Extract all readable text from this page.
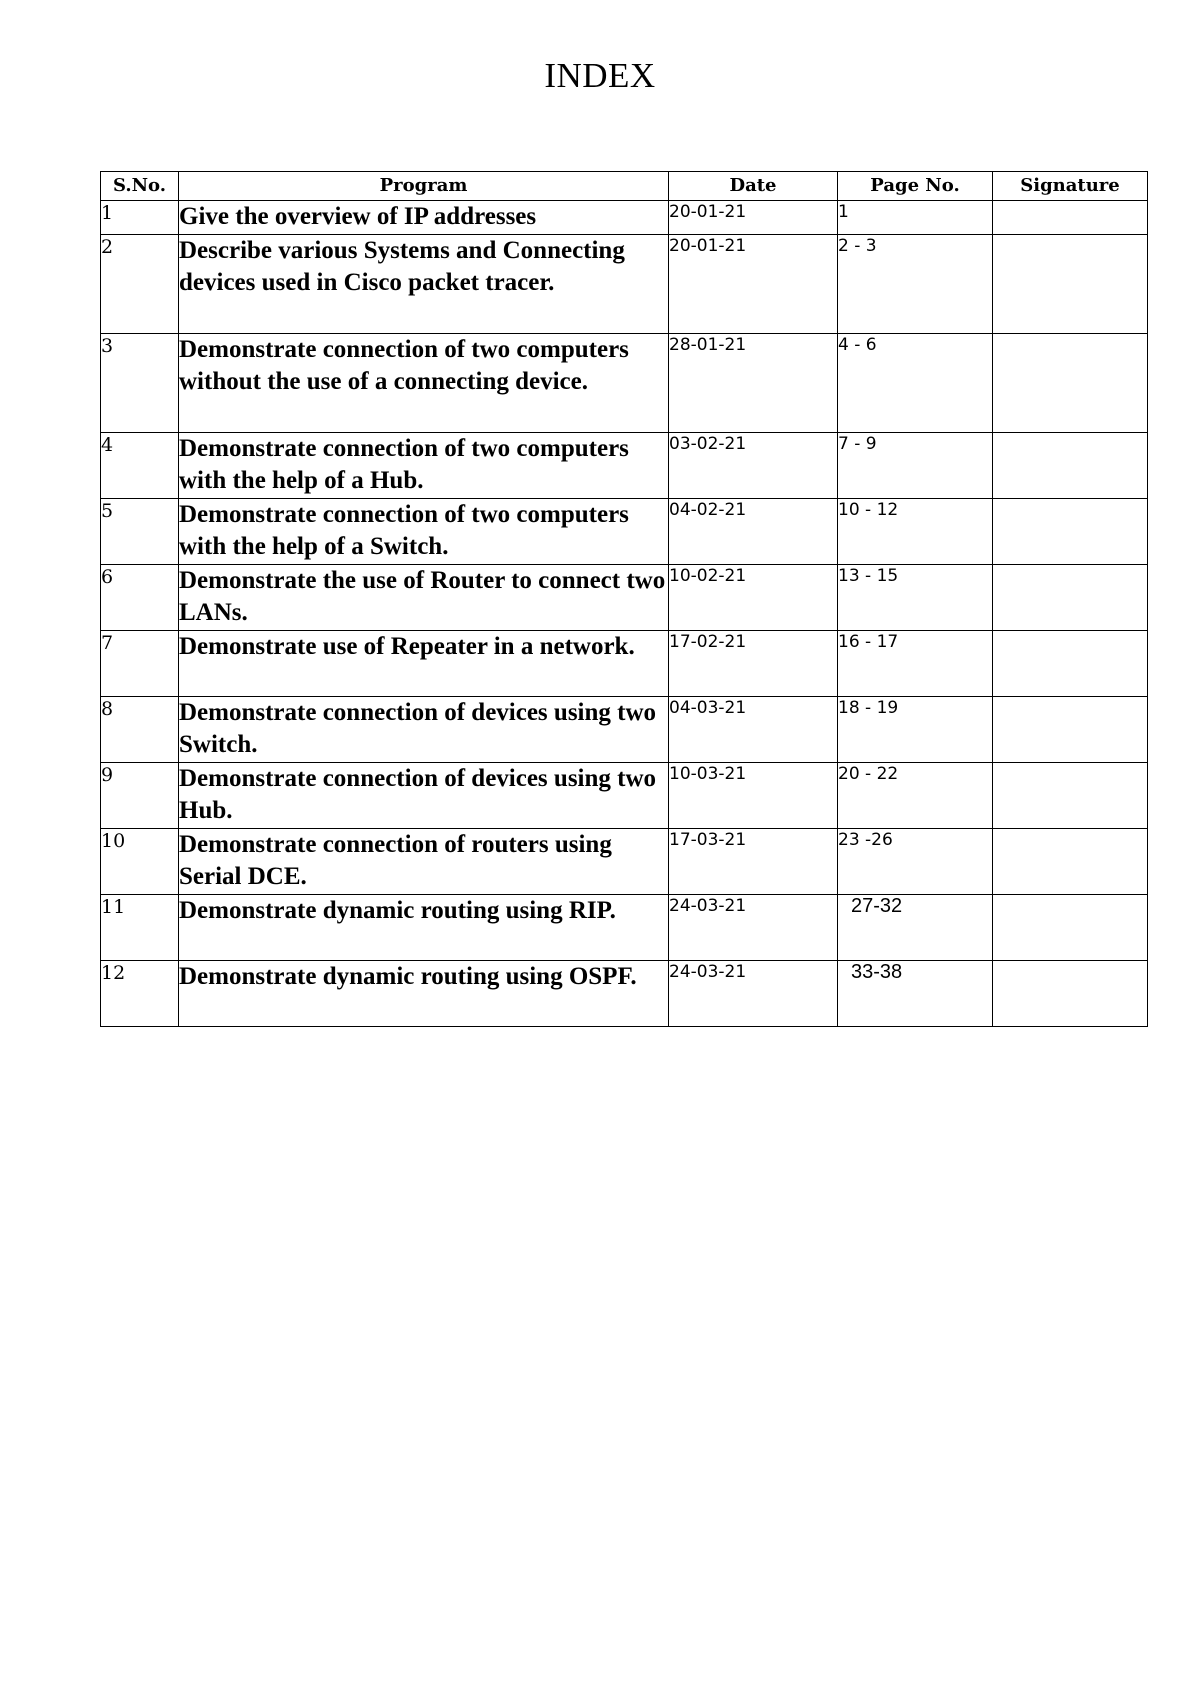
INDEX
S.No.	Program	Date	Page No.	Signature
1	Give the overview of IP addresses	20-01-21	1	
2	Describe various Systems and Connecting devices used in Cisco packet tracer.	20-01-21	2 - 3	
3	Demonstrate connection of two computers without the use of a connecting device.	28-01-21	4 - 6	
4	Demonstrate connection of two computers with the help of a Hub.	03-02-21	7 - 9	
5	Demonstrate connection of two computers with the help of a Switch.	04-02-21	10 - 12	
6	Demonstrate the use of Router to connect two LANs.	10-02-21	13 - 15	
7	Demonstrate use of Repeater in a network.	17-02-21	16 - 17	
8	Demonstrate connection of devices using two Switch.	04-03-21	18 - 19	
9	Demonstrate connection of devices using two Hub.	10-03-21	20 - 22	
10	Demonstrate connection of routers using Serial DCE.	17-03-21	23 -26	
11	Demonstrate dynamic routing using RIP.	24-03-21	27-32	
12	Demonstrate dynamic routing using OSPF.	24-03-21	33-38	
